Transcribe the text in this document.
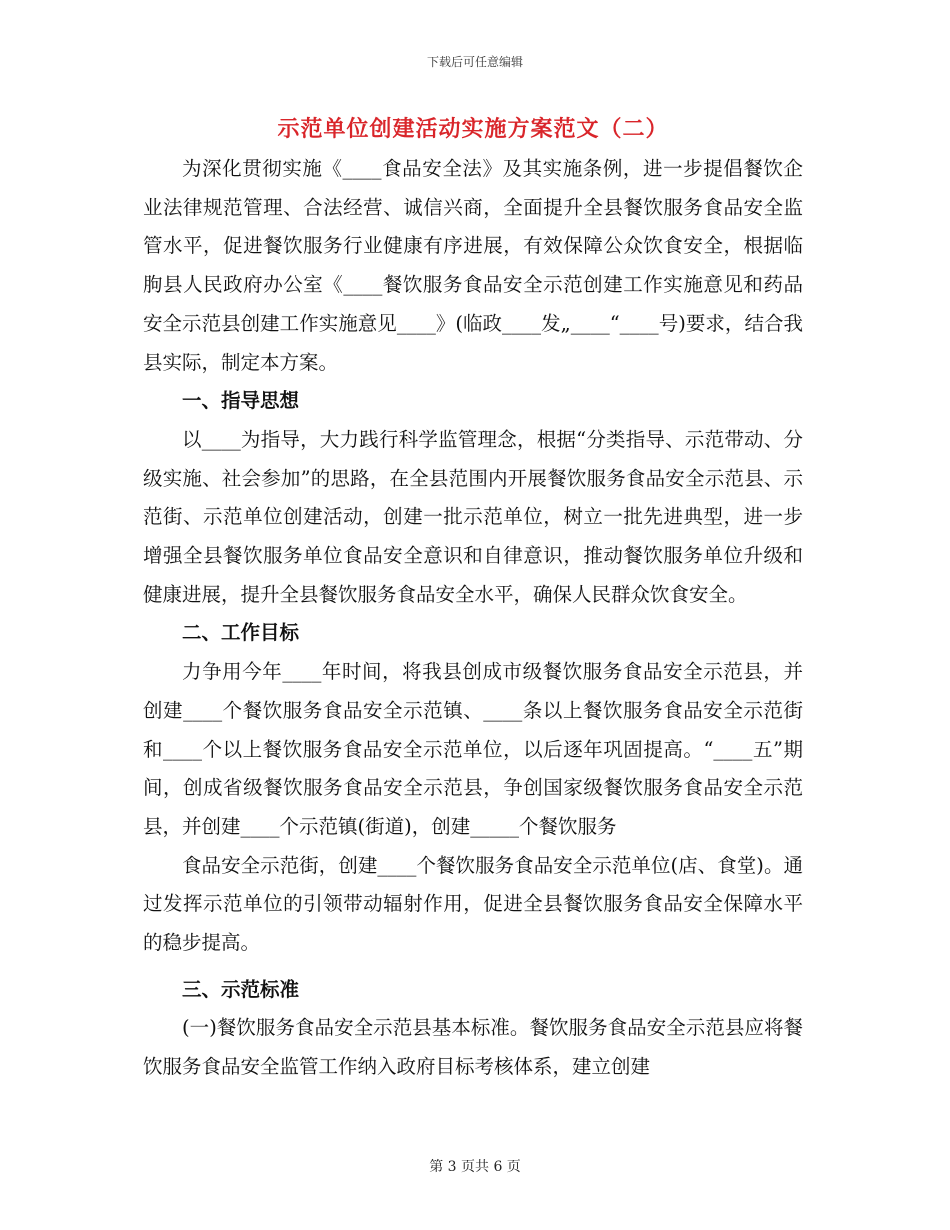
下载后可任意编辑
示范单位创建活动实施方案范文（二）

为深化贯彻实施《____食品安全法》及其实施条例，进一步提倡餐饮企业法律规范管理、合法经营、诚信兴商，全面提升全县餐饮服务食品安全监管水平，促进餐饮服务行业健康有序进展，有效保障公众饮食安全，根据临朐县人民政府办公室《____餐饮服务食品安全示范创建工作实施意见和药品安全示范县创建工作实施意见____》(临政____发„____“____号)要求，结合我县实际，制定本方案。

一、指导思想

以____为指导，大力践行科学监管理念，根据“分类指导、示范带动、分级实施、社会参加”的思路，在全县范围内开展餐饮服务食品安全示范县、示范街、示范单位创建活动，创建一批示范单位，树立一批先进典型，进一步增强全县餐饮服务单位食品安全意识和自律意识，推动餐饮服务单位升级和健康进展，提升全县餐饮服务食品安全水平，确保人民群众饮食安全。

二、工作目标

力争用今年____年时间，将我县创成市级餐饮服务食品安全示范县，并创建____个餐饮服务食品安全示范镇、____条以上餐饮服务食品安全示范街和____个以上餐饮服务食品安全示范单位，以后逐年巩固提高。“____五”期间，创成省级餐饮服务食品安全示范县，争创国家级餐饮服务食品安全示范县，并创建____个示范镇(街道)，创建_____个餐饮服务

食品安全示范街，创建____个餐饮服务食品安全示范单位(店、食堂)。通过发挥示范单位的引领带动辐射作用，促进全县餐饮服务食品安全保障水平的稳步提高。

三、示范标准

(一)餐饮服务食品安全示范县基本标准。餐饮服务食品安全示范县应将餐饮服务食品安全监管工作纳入政府目标考核体系，建立创建

第 3 页共 6 页
